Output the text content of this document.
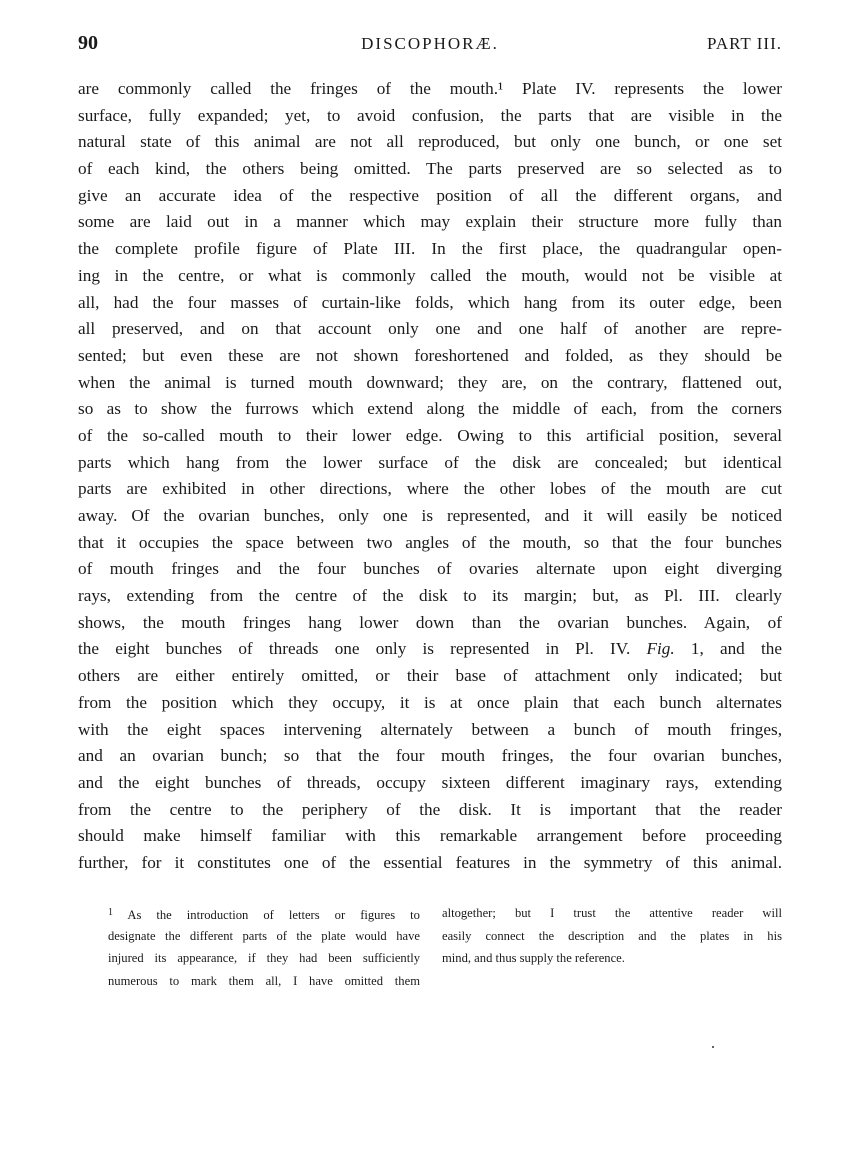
90	DISCOPHORÆ.	PART III.
are commonly called the fringes of the mouth.¹ Plate IV. represents the lower
surface, fully expanded; yet, to avoid confusion, the parts that are visible in the
natural state of this animal are not all reproduced, but only one bunch, or one set
of each kind, the others being omitted. The parts preserved are so selected as to
give an accurate idea of the respective position of all the different organs, and
some are laid out in a manner which may explain their structure more fully than
the complete profile figure of Plate III. In the first place, the quadrangular open-
ing in the centre, or what is commonly called the mouth, would not be visible at
all, had the four masses of curtain-like folds, which hang from its outer edge, been
all preserved, and on that account only one and one half of another are repre-
sented; but even these are not shown foreshortened and folded, as they should be
when the animal is turned mouth downward; they are, on the contrary, flattened out,
so as to show the furrows which extend along the middle of each, from the corners
of the so-called mouth to their lower edge. Owing to this artificial position, several
parts which hang from the lower surface of the disk are concealed; but identical
parts are exhibited in other directions, where the other lobes of the mouth are cut
away. Of the ovarian bunches, only one is represented, and it will easily be noticed
that it occupies the space between two angles of the mouth, so that the four bunches
of mouth fringes and the four bunches of ovaries alternate upon eight diverging
rays, extending from the centre of the disk to its margin; but, as Pl. III. clearly
shows, the mouth fringes hang lower down than the ovarian bunches. Again, of
the eight bunches of threads one only is represented in Pl. IV. Fig. 1, and the
others are either entirely omitted, or their base of attachment only indicated; but
from the position which they occupy, it is at once plain that each bunch alternates
with the eight spaces intervening alternately between a bunch of mouth fringes,
and an ovarian bunch; so that the four mouth fringes, the four ovarian bunches,
and the eight bunches of threads, occupy sixteen different imaginary rays, extending
from the centre to the periphery of the disk. It is important that the reader
should make himself familiar with this remarkable arrangement before proceeding
further, for it constitutes one of the essential features in the symmetry of this animal.
$^1$ As the introduction of letters or figures to
designate the different parts of the plate would have
injured its appearance, if they had been sufficiently
numerous to mark them all, I have omitted them
altogether; but I trust the attentive reader will
easily connect the description and the plates in his
mind, and thus supply the reference.
